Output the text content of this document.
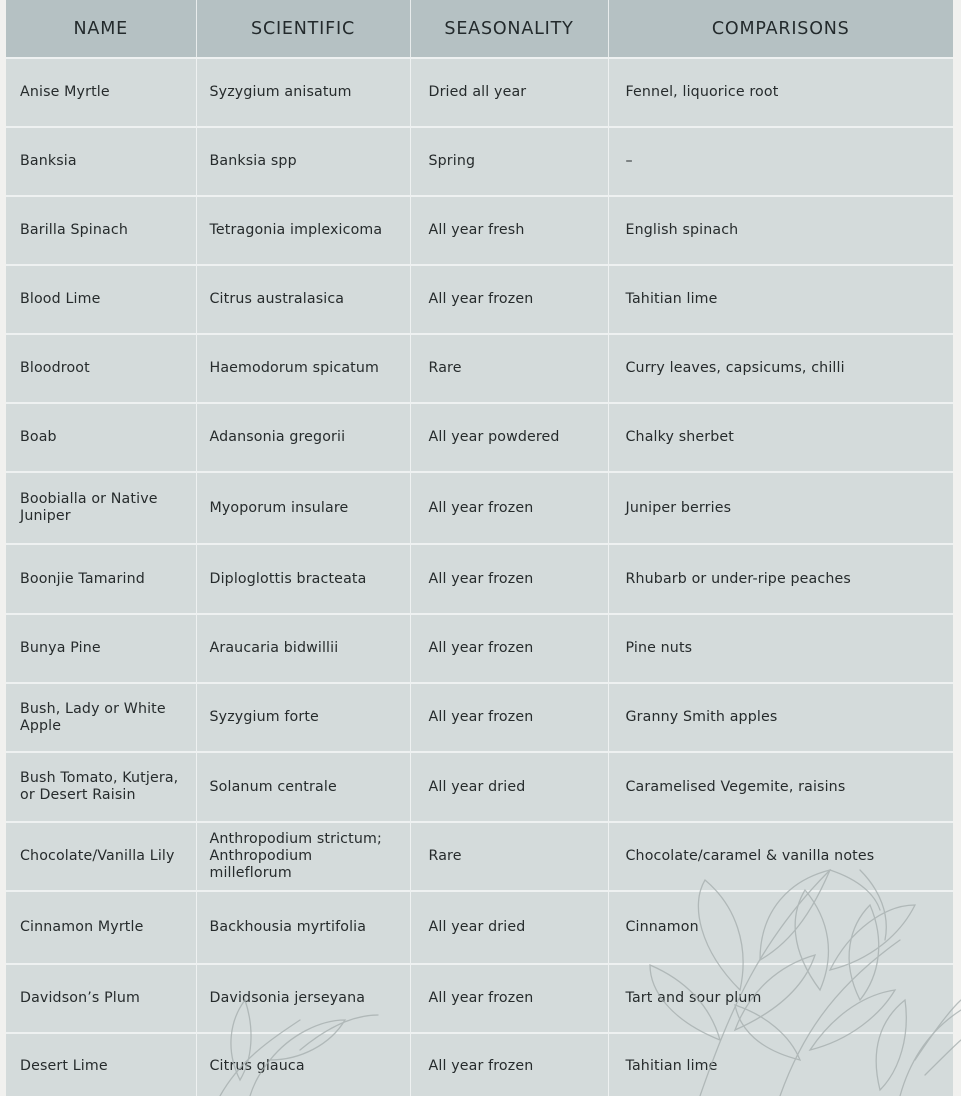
NAME	SCIENTIFIC	SEASONALITY	COMPARISONS
Anise Myrtle	Syzygium anisatum	Dried all year	Fennel, liquorice root
Banksia	Banksia spp	Spring	–
Barilla Spinach	Tetragonia implexicoma	All year fresh	English spinach
Blood Lime	Citrus australasica	All year frozen	Tahitian lime
Bloodroot	Haemodorum spicatum	Rare	Curry leaves, capsicums, chilli
Boab	Adansonia gregorii	All year powdered	Chalky sherbet
Boobialla or Native Juniper	Myoporum insulare	All year frozen	Juniper berries
Boonjie Tamarind	Diploglottis bracteata	All year frozen	Rhubarb or under-ripe peaches
Bunya Pine	Araucaria bidwillii	All year frozen	Pine nuts
Bush, Lady or White Apple	Syzygium forte	All year frozen	Granny Smith apples
Bush Tomato, Kutjera, or Desert Raisin	Solanum centrale	All year dried	Caramelised Vegemite, raisins
Chocolate/Vanilla Lily	Anthropodium strictum; Anthropodium milleflorum	Rare	Chocolate/caramel & vanilla notes
Cinnamon Myrtle	Backhousia myrtifolia	All year dried	Cinnamon
Davidson’s Plum	Davidsonia jerseyana	All year frozen	Tart and sour plum
Desert Lime	Citrus glauca	All year frozen	Tahitian lime
